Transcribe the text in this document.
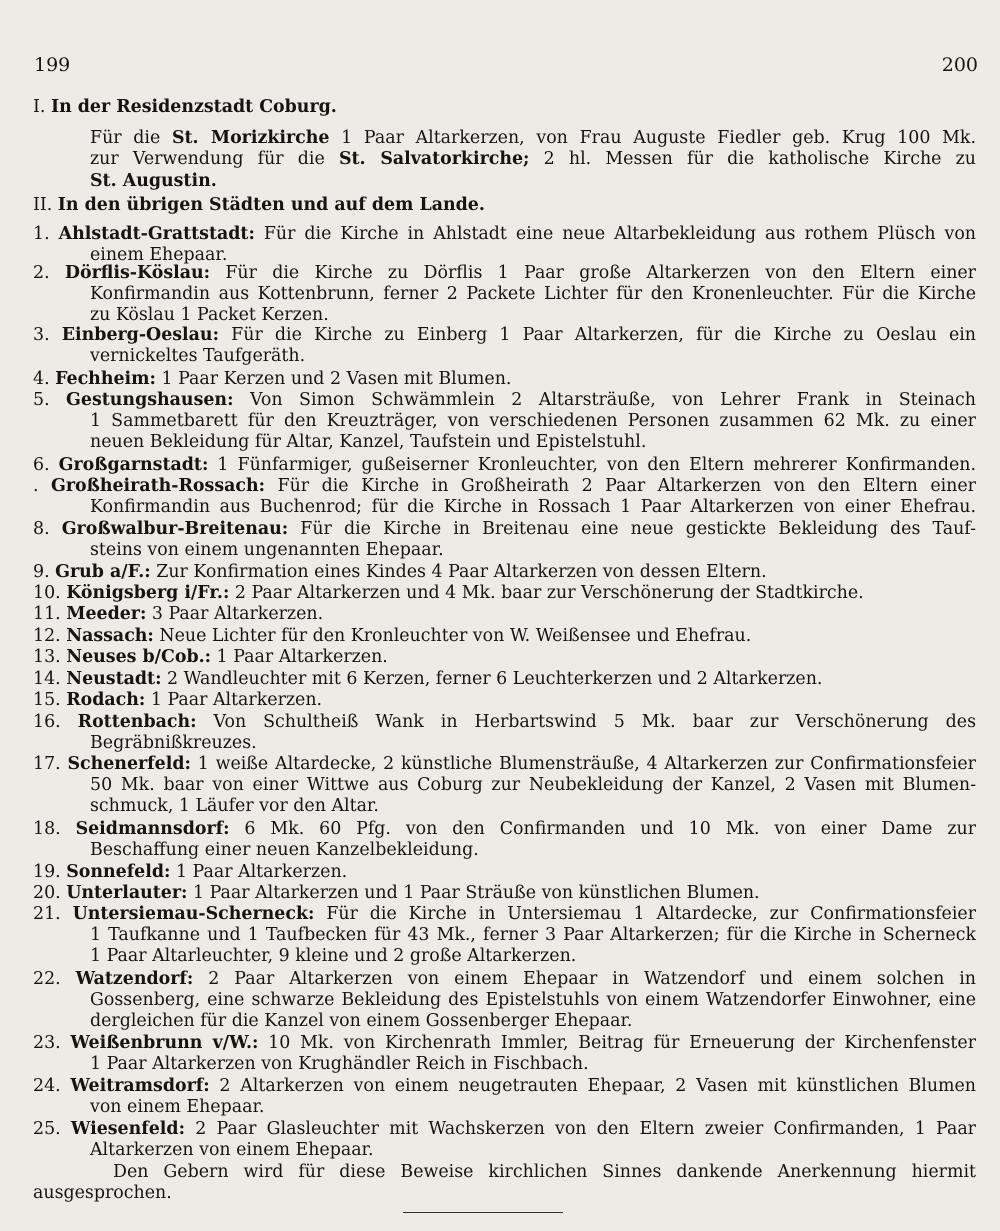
199	200
I. In der Residenzstadt Coburg.
Für die St. Morizkirche 1 Paar Altarkerzen, von Frau Auguste Fiedler geb. Krug 100 Mk.
zur Verwendung für die St. Salvatorkirche; 2 hl. Messen für die katholische Kirche zu
St. Augustin.
II. In den übrigen Städten und auf dem Lande.
1. Ahlstadt-Grattstadt: Für die Kirche in Ahlstadt eine neue Altarbekleidung aus rothem Plüsch von
einem Ehepaar.
2. Dörflis-Köslau: Für die Kirche zu Dörflis 1 Paar große Altarkerzen von den Eltern einer
Konfirmandin aus Kottenbrunn, ferner 2 Packete Lichter für den Kronenleuchter. Für die Kirche
zu Köslau 1 Packet Kerzen.
3. Einberg-Oeslau: Für die Kirche zu Einberg 1 Paar Altarkerzen, für die Kirche zu Oeslau ein
vernickeltes Taufgeräth.
4. Fechheim: 1 Paar Kerzen und 2 Vasen mit Blumen.
5. Gestungshausen: Von Simon Schwämmlein 2 Altarsträuße, von Lehrer Frank in Steinach
1 Sammetbarett für den Kreuzträger, von verschiedenen Personen zusammen 62 Mk. zu einer
neuen Bekleidung für Altar, Kanzel, Taufstein und Epistelstuhl.
6. Großgarnstadt: 1 Fünfarmiger, gußeiserner Kronleuchter, von den Eltern mehrerer Konfirmanden.
. Großheirath-Rossach: Für die Kirche in Großheirath 2 Paar Altarkerzen von den Eltern einer
Konfirmandin aus Buchenrod; für die Kirche in Rossach 1 Paar Altarkerzen von einer Ehefrau.
8. Großwalbur-Breitenau: Für die Kirche in Breitenau eine neue gestickte Bekleidung des Tauf-
steins von einem ungenannten Ehepaar.
9. Grub a/F.: Zur Konfirmation eines Kindes 4 Paar Altarkerzen von dessen Eltern.
10. Königsberg i/Fr.: 2 Paar Altarkerzen und 4 Mk. baar zur Verschönerung der Stadtkirche.
11. Meeder: 3 Paar Altarkerzen.
12. Nassach: Neue Lichter für den Kronleuchter von W. Weißensee und Ehefrau.
13. Neuses b/Cob.: 1 Paar Altarkerzen.
14. Neustadt: 2 Wandleuchter mit 6 Kerzen, ferner 6 Leuchterkerzen und 2 Altarkerzen.
15. Rodach: 1 Paar Altarkerzen.
16. Rottenbach: Von Schultheiß Wank in Herbartswind 5 Mk. baar zur Verschönerung des
Begräbnißkreuzes.
17. Schenerfeld: 1 weiße Altardecke, 2 künstliche Blumensträuße, 4 Altarkerzen zur Confirmationsfeier
50 Mk. baar von einer Wittwe aus Coburg zur Neubekleidung der Kanzel, 2 Vasen mit Blumen-
schmuck, 1 Läufer vor den Altar.
18. Seidmannsdorf: 6 Mk. 60 Pfg. von den Confirmanden und 10 Mk. von einer Dame zur
Beschaffung einer neuen Kanzelbekleidung.
19. Sonnefeld: 1 Paar Altarkerzen.
20. Unterlauter: 1 Paar Altarkerzen und 1 Paar Sträuße von künstlichen Blumen.
21. Untersiemau-Scherneck: Für die Kirche in Untersiemau 1 Altardecke, zur Confirmationsfeier
1 Taufkanne und 1 Taufbecken für 43 Mk., ferner 3 Paar Altarkerzen; für die Kirche in Scherneck
1 Paar Altarleuchter, 9 kleine und 2 große Altarkerzen.
22. Watzendorf: 2 Paar Altarkerzen von einem Ehepaar in Watzendorf und einem solchen in
Gossenberg, eine schwarze Bekleidung des Epistelstuhls von einem Watzendorfer Einwohner, eine
dergleichen für die Kanzel von einem Gossenberger Ehepaar.
23. Weißenbrunn v/W.: 10 Mk. von Kirchenrath Immler, Beitrag für Erneuerung der Kirchenfenster
1 Paar Altarkerzen von Krughändler Reich in Fischbach.
24. Weitramsdorf: 2 Altarkerzen von einem neugetrauten Ehepaar, 2 Vasen mit künstlichen Blumen
von einem Ehepaar.
25. Wiesenfeld: 2 Paar Glasleuchter mit Wachskerzen von den Eltern zweier Confirmanden, 1 Paar
Altarkerzen von einem Ehepaar.
Den Gebern wird für diese Beweise kirchlichen Sinnes dankende Anerkennung hiermit
ausgesprochen.
